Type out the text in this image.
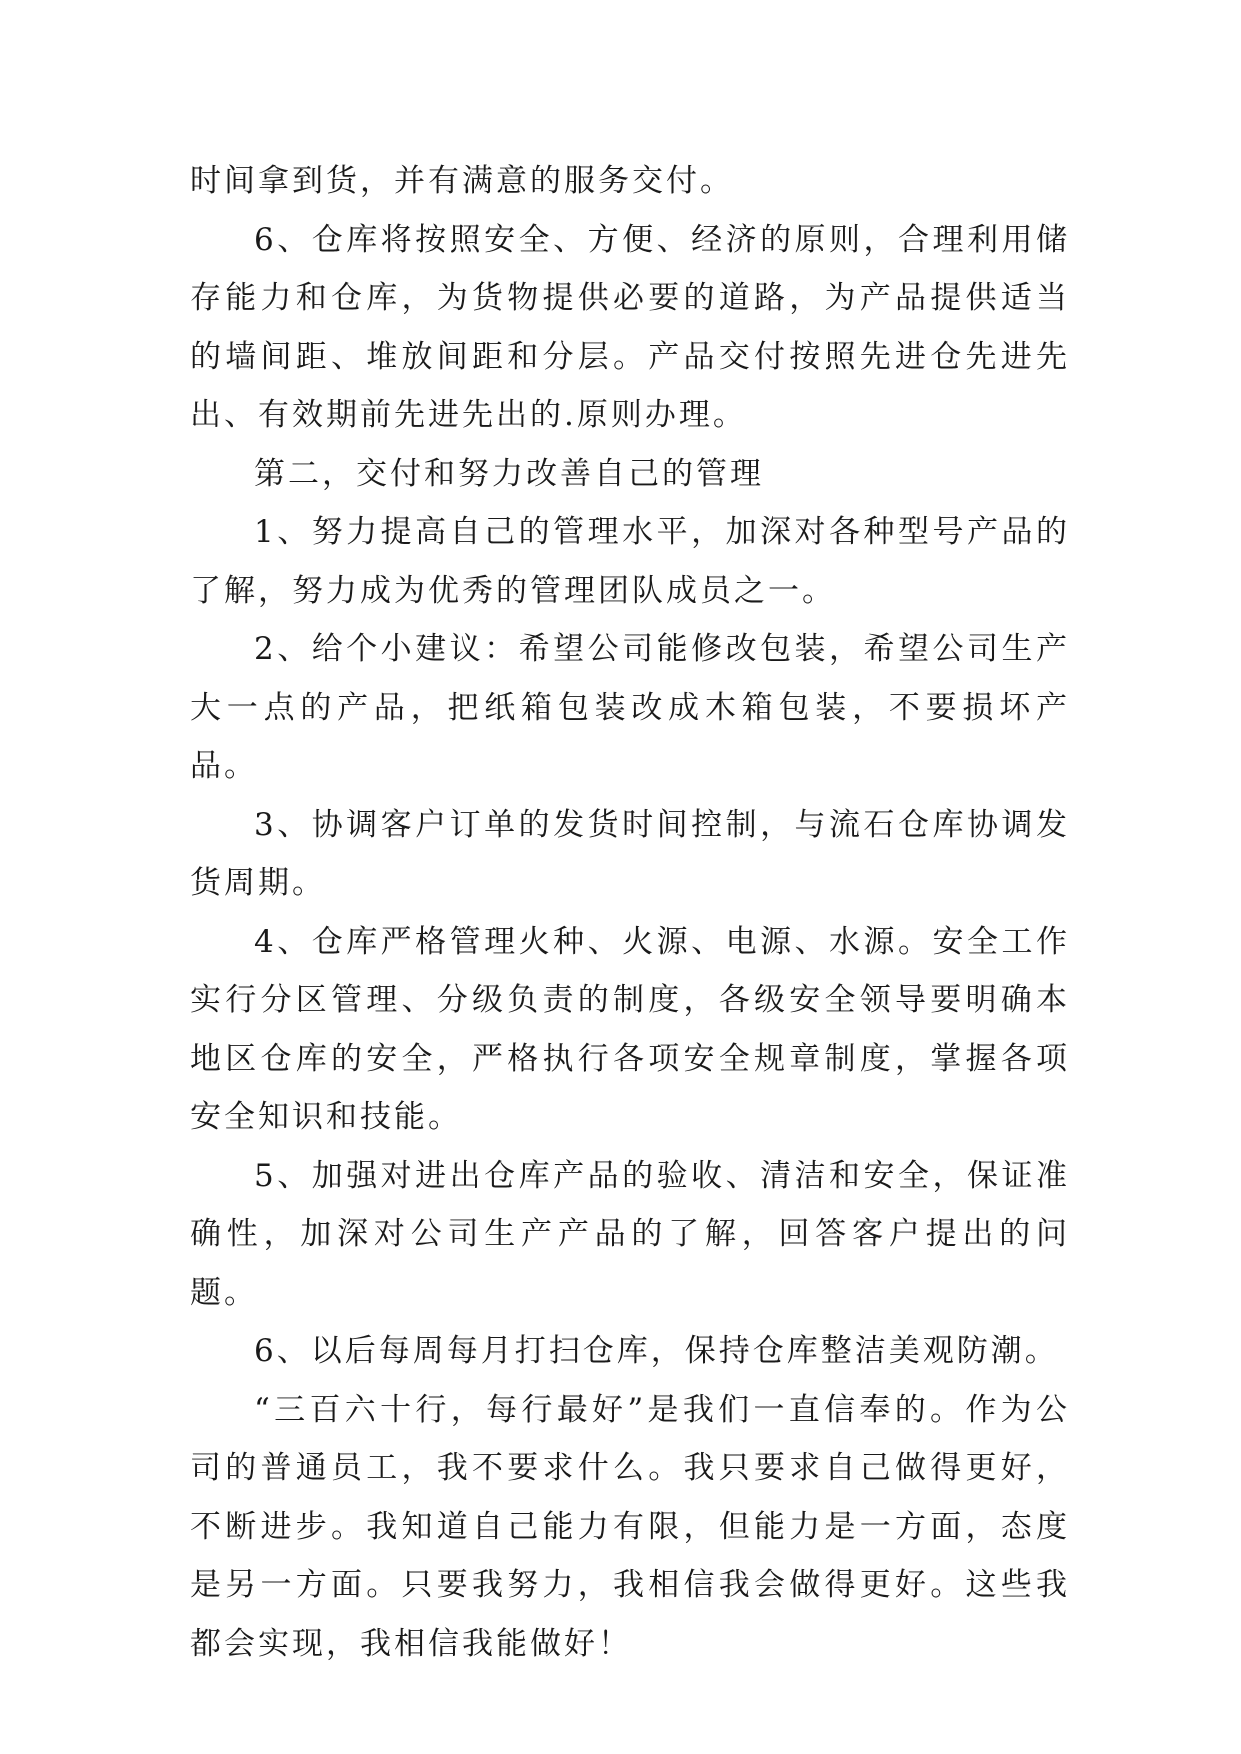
时间拿到货，并有满意的服务交付。

6、仓库将按照安全、方便、经济的原则，合理利用储存能力和仓库，为货物提供必要的道路，为产品提供适当的墙间距、堆放间距和分层。产品交付按照先进仓先进先出、有效期前先进先出的.原则办理。

第二，交付和努力改善自己的管理

1、努力提高自己的管理水平，加深对各种型号产品的了解，努力成为优秀的管理团队成员之一。

2、给个小建议：希望公司能修改包装，希望公司生产大一点的产品，把纸箱包装改成木箱包装，不要损坏产品。

3、协调客户订单的发货时间控制，与流石仓库协调发货周期。

4、仓库严格管理火种、火源、电源、水源。安全工作实行分区管理、分级负责的制度，各级安全领导要明确本地区仓库的安全，严格执行各项安全规章制度，掌握各项安全知识和技能。

5、加强对进出仓库产品的验收、清洁和安全，保证准确性，加深对公司生产产品的了解，回答客户提出的问题。

6、以后每周每月打扫仓库，保持仓库整洁美观防潮。

“三百六十行，每行最好”是我们一直信奉的。作为公司的普通员工，我不要求什么。我只要求自己做得更好，不断进步。我知道自己能力有限，但能力是一方面，态度是另一方面。只要我努力，我相信我会做得更好。这些我都会实现，我相信我能做好！
